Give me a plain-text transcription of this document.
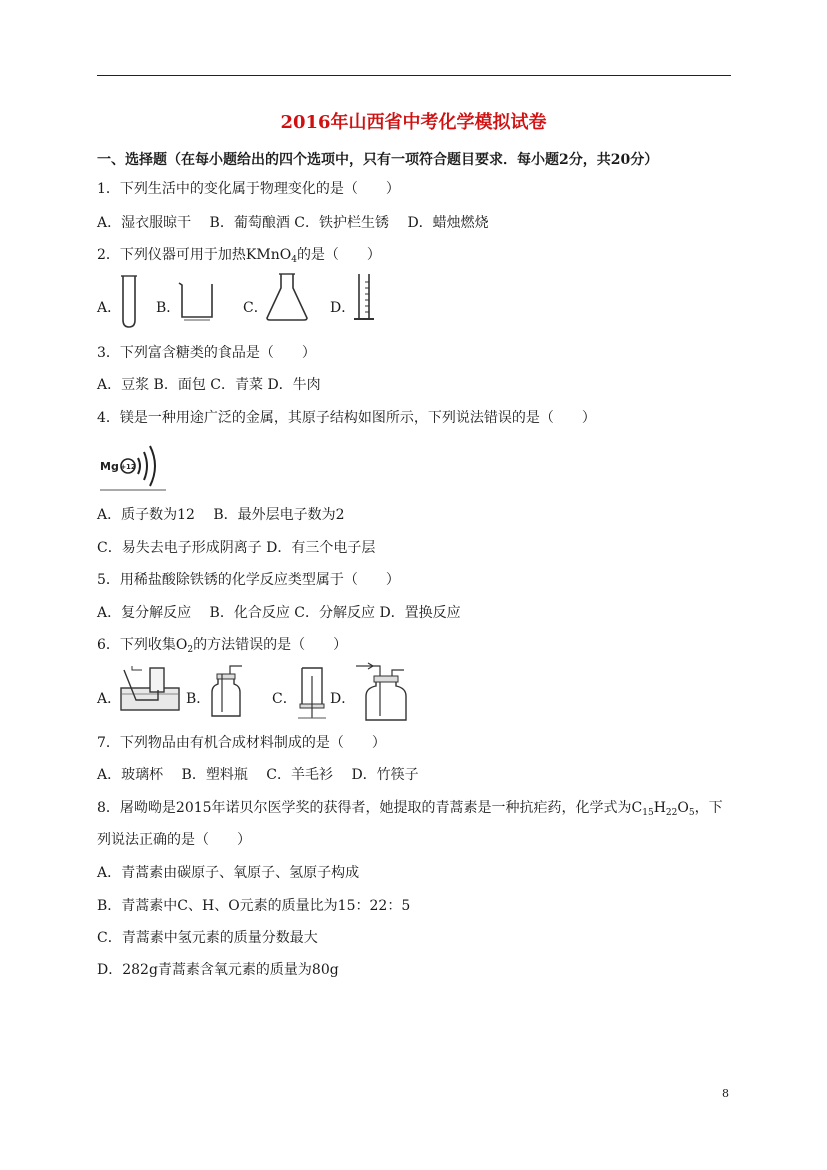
2016年山西省中考化学模拟试卷
一、选择题（在每小题给出的四个选项中，只有一项符合题目要求．每小题2分，共20分）
1．下列生活中的变化属于物理变化的是（　　）
A．湿衣服晾干　 B．葡萄酿酒 C．铁护栏生锈　 D．蜡烛燃烧
2．下列仪器可用于加热KMnO$_4$的是（　　）
A． B．	C．	D．
3．下列富含糖类的食品是（　　）
A．豆浆 B．面包 C．青菜 D．牛肉
4．镁是一种用途广泛的金属，其原子结构如图所示，下列说法错误的是（　　）
Mg +12
A．质子数为12　 B．最外层电子数为2
C．易失去电子形成阴离子 D．有三个电子层
5．用稀盐酸除铁锈的化学反应类型属于（　　）
A．复分解反应　 B．化合反应 C．分解反应 D．置换反应
6．下列收集$O_2$的方法错误的是（　　）
A．	B．	C． D．
7．下列物品由有机合成材料制成的是（　　）
A．玻璃杯　 B．塑料瓶　 C．羊毛衫　 D．竹筷子
8．屠呦呦是2015年诺贝尔医学奖的获得者，她提取的青蒿素是一种抗疟药，化学式为$C_{15}H_{22}O_5$，下
列说法正确的是（　　）
A．青蒿素由碳原子、氧原子、氢原子构成
B．青蒿素中C、H、O元素的质量比为15：22：5
C．青蒿素中氢元素的质量分数最大
D．282g青蒿素含氧元素的质量为80g
8
